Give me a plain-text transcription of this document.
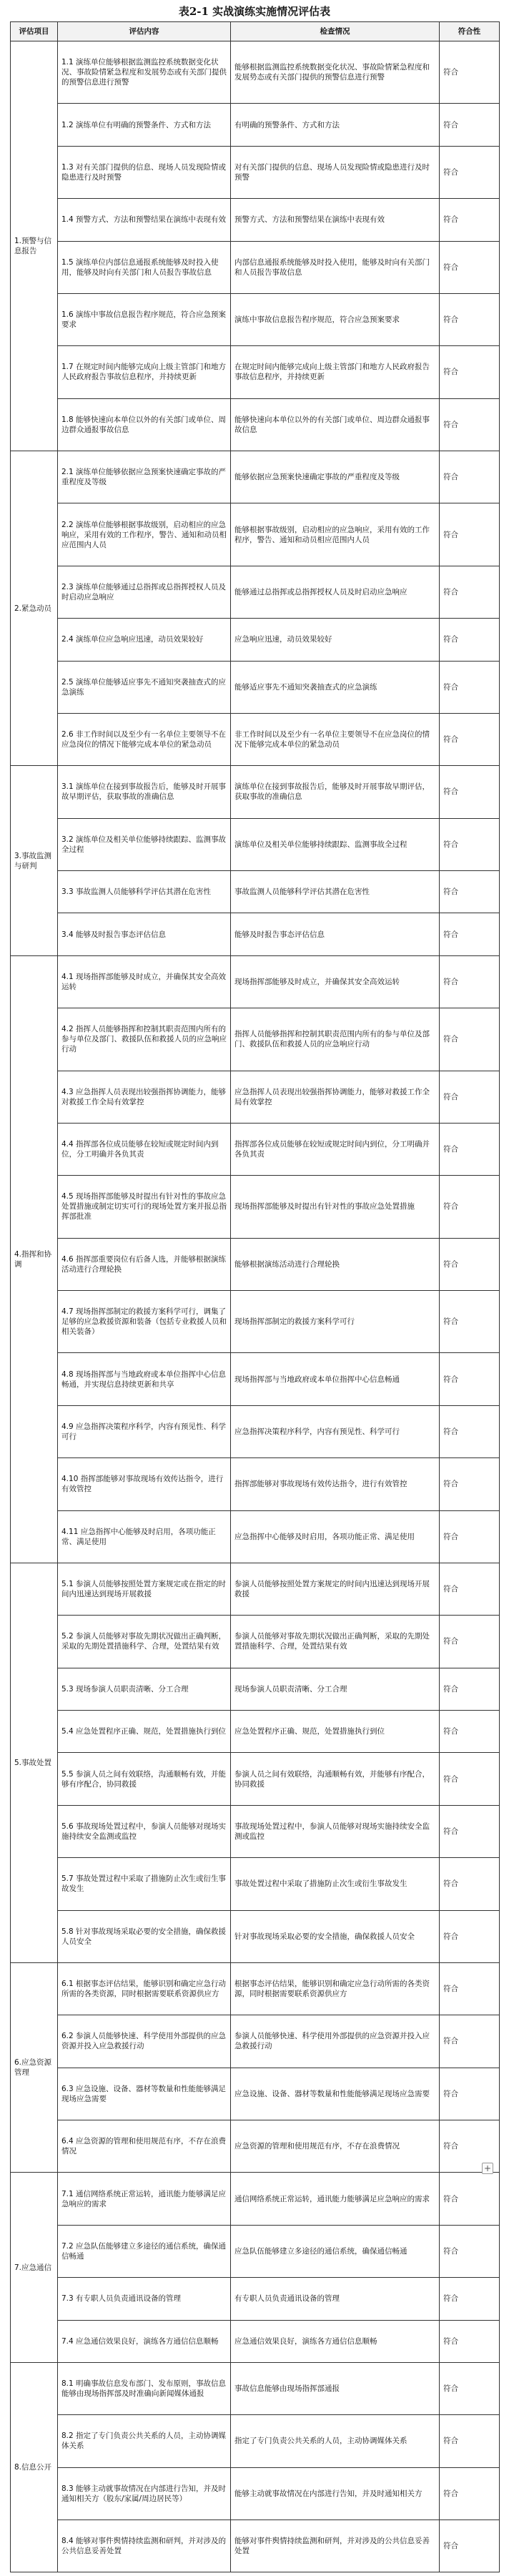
表2-1 实战演练实施情况评估表
评估项目	评估内容	检查情况	符合性
1.预警与信息报告	1.1 演练单位能够根据监测监控系统数据变化状况、事故险情紧急程度和发展势态或有关部门提供的预警信息进行预警	能够根据监测监控系统数据变化状况、事故险情紧急程度和发展势态或有关部门提供的预警信息进行预警	符合
	1.2 演练单位有明确的预警条件、方式和方法	有明确的预警条件、方式和方法	符合
	1.3 对有关部门提供的信息、现场人员发现险情或隐患进行及时预警	对有关部门提供的信息、现场人员发现险情或隐患进行及时预警	符合
	1.4 预警方式、方法和预警结果在演练中表现有效	预警方式、方法和预警结果在演练中表现有效	符合
	1.5 演练单位内部信息通报系统能够及时投入使用，能够及时向有关部门和人员报告事故信息	内部信息通报系统能够及时投入使用，能够及时向有关部门和人员报告事故信息	符合
	1.6 演练中事故信息报告程序规范，符合应急预案要求	演练中事故信息报告程序规范，符合应急预案要求	符合
	1.7 在规定时间内能够完成向上级主管部门和地方人民政府报告事故信息程序，并持续更新	在规定时间内能够完成向上级主管部门和地方人民政府报告事故信息程序，并持续更新	符合
	1.8 能够快速向本单位以外的有关部门或单位、周边群众通报事故信息	能够快速向本单位以外的有关部门或单位、周边群众通报事故信息	符合
2.紧急动员	2.1 演练单位能够依据应急预案快速确定事故的严重程度及等级	能够依据应急预案快速确定事故的严重程度及等级	符合
	2.2 演练单位能够根据事故级别，启动相应的应急响应，采用有效的工作程序，警告、通知和动员相应范围内人员	能够根据事故级别，启动相应的应急响应，采用有效的工作程序，警告、通知和动员相应范围内人员	符合
	2.3 演练单位能够通过总指挥或总指挥授权人员及时启动应急响应	能够通过总指挥或总指挥授权人员及时启动应急响应	符合
	2.4 演练单位应急响应迅速，动员效果较好	应急响应迅速，动员效果较好	符合
	2.5 演练单位能够适应事先不通知突袭抽查式的应急演练	能够适应事先不通知突袭抽查式的应急演练	符合
	2.6 非工作时间以及至少有一名单位主要领导不在应急岗位的情况下能够完成本单位的紧急动员	非工作时间以及至少有一名单位主要领导不在应急岗位的情况下能够完成本单位的紧急动员	符合
3.事故监测与研判	3.1 演练单位在接到事故报告后，能够及时开展事故早期评估，获取事故的准确信息	演练单位在接到事故报告后，能够及时开展事故早期评估，获取事故的准确信息	符合
	3.2 演练单位及相关单位能够持续跟踪、监测事故全过程	演练单位及相关单位能够持续跟踪、监测事故全过程	符合
	3.3 事故监测人员能够科学评估其潜在危害性	事故监测人员能够科学评估其潜在危害性	符合
	3.4 能够及时报告事态评估信息	能够及时报告事态评估信息	符合
4.指挥和协调	4.1 现场指挥部能够及时成立，并确保其安全高效运转	现场指挥部能够及时成立，并确保其安全高效运转	符合
	4.2 指挥人员能够指挥和控制其职责范围内所有的参与单位及部门、救援队伍和救援人员的应急响应行动	指挥人员能够指挥和控制其职责范围内所有的参与单位及部门、救援队伍和救援人员的应急响应行动	符合
	4.3 应急指挥人员表现出较强指挥协调能力，能够对救援工作全局有效掌控	应急指挥人员表现出较强指挥协调能力，能够对救援工作全局有效掌控	符合
	4.4 指挥部各位成员能够在较短或规定时间内到位，分工明确并各负其责	指挥部各位成员能够在较短或规定时间内到位，分工明确并各负其责	符合
	4.5 现场指挥部能够及时提出有针对性的事故应急处置措施或制定切实可行的现场处置方案并报总指挥部批准	现场指挥部能够及时提出有针对性的事故应急处置措施	符合
	4.6 指挥部重要岗位有后备人选，并能够根据演练活动进行合理轮换	能够根据演练活动进行合理轮换	符合
	4.7 现场指挥部制定的救援方案科学可行，调集了足够的应急救援资源和装备（包括专业救援人员和相关装备）	现场指挥部制定的救援方案科学可行	符合
	4.8 现场指挥部与当地政府或本单位指挥中心信息畅通，并实现信息持续更新和共享	现场指挥部与当地政府或本单位指挥中心信息畅通	符合
	4.9 应急指挥决策程序科学，内容有预见性、科学可行	应急指挥决策程序科学，内容有预见性、科学可行	符合
	4.10 指挥部能够对事故现场有效传达指令，进行有效管控	指挥部能够对事故现场有效传达指令，进行有效管控	符合
	4.11 应急指挥中心能够及时启用，各项功能正常、满足使用	应急指挥中心能够及时启用，各项功能正常、满足使用	符合
5.事故处置	5.1 参演人员能够按照处置方案规定或在指定的时间内迅速达到现场开展救援	参演人员能够按照处置方案规定的时间内迅速达到现场开展救援	符合
	5.2 参演人员能够对事故先期状况做出正确判断，采取的先期处置措施科学、合理，处置结果有效	参演人员能够对事故先期状况做出正确判断，采取的先期处置措施科学、合理，处置结果有效	符合
	5.3 现场参演人员职责清晰、分工合理	现场参演人员职责清晰、分工合理	符合
	5.4 应急处置程序正确、规范，处置措施执行到位	应急处置程序正确、规范，处置措施执行到位	符合
	5.5 参演人员之间有效联络，沟通顺畅有效，并能够有序配合，协同救援	参演人员之间有效联络，沟通顺畅有效，并能够有序配合，协同救援	符合
	5.6 事故现场处置过程中，参演人员能够对现场实施持续安全监测或监控	事故现场处置过程中，参演人员能够对现场实施持续安全监测或监控	符合
	5.7 事故处置过程中采取了措施防止次生或衍生事故发生	事故处置过程中采取了措施防止次生或衍生事故发生	符合
	5.8 针对事故现场采取必要的安全措施，确保救援人员安全	针对事故现场采取必要的安全措施，确保救援人员安全	符合
6.应急资源管理	6.1 根据事态评估结果，能够识别和确定应急行动所需的各类资源，同时根据需要联系资源供应方	根据事态评估结果，能够识别和确定应急行动所需的各类资源，同时根据需要联系资源供应方	符合
	6.2 参演人员能够快速、科学使用外部提供的应急资源并投入应急救援行动	参演人员能够快速、科学使用外部提供的应急资源并投入应急救援行动	符合
	6.3 应急设施、设备、器材等数量和性能能够满足现场应急需要	应急设施、设备、器材等数量和性能能够满足现场应急需要	符合
	6.4 应急资源的管理和使用规范有序，不存在浪费情况	应急资源的管理和使用规范有序，不存在浪费情况	符合
7.应急通信	7.1 通信网络系统正常运转，通讯能力能够满足应急响应的需求	通信网络系统正常运转，通讯能力能够满足应急响应的需求	符合
	7.2 应急队伍能够建立多途径的通信系统，确保通信畅通	应急队伍能够建立多途径的通信系统，确保通信畅通	符合
	7.3 有专职人员负责通讯设备的管理	有专职人员负责通讯设备的管理	符合
	7.4 应急通信效果良好，演练各方通信信息顺畅	应急通信效果良好，演练各方通信信息顺畅	符合
8.信息公开	8.1 明确事故信息发布部门、发布原则，事故信息能够由现场指挥部及时准确向新闻媒体通报	事故信息能够由现场指挥部通报	符合
	8.2 指定了专门负责公共关系的人员，主动协调媒体关系	指定了专门负责公共关系的人员，主动协调媒体关系	符合
	8.3 能够主动就事故情况在内部进行告知，并及时通知相关方（股东/家属/周边居民等）	能够主动就事故情况在内部进行告知，并及时通知相关方	符合
	8.4 能够对事件舆情持续监测和研判，并对涉及的公共信息妥善处置	能够对事件舆情持续监测和研判，并对涉及的公共信息妥善处置	符合
+
